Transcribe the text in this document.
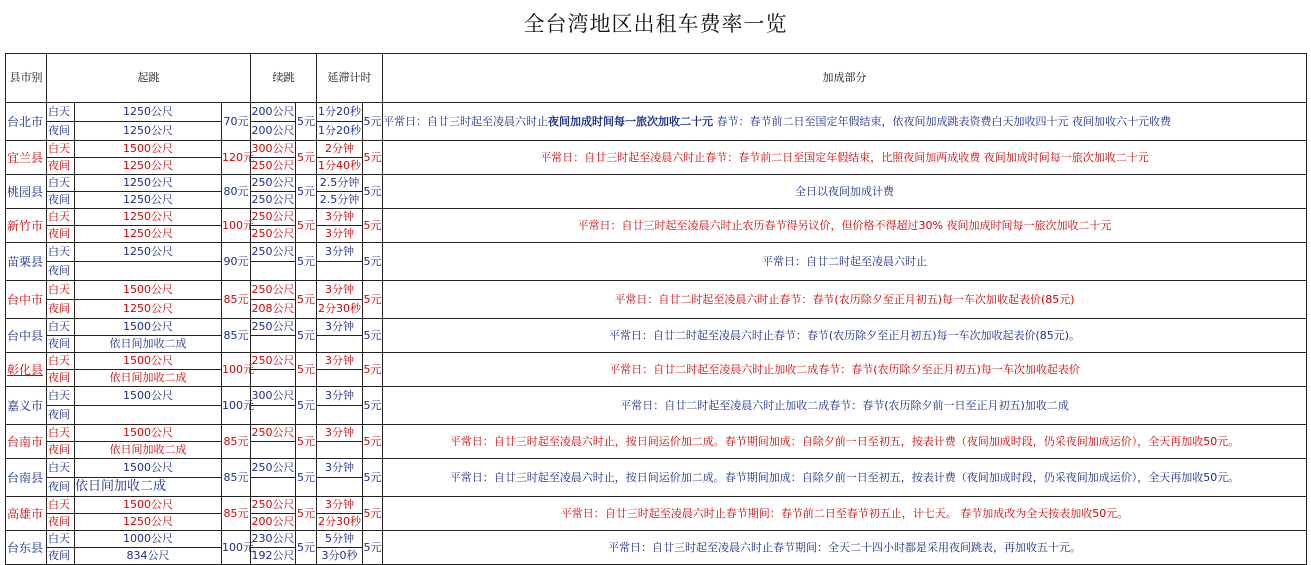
全台湾地区出租车费率一览
县市别	起跳			续跳		延滞计时		加成部分
台北市	白天	1250公尺	70元	200公尺	5元	1分20秒	5元	平常日：自廿三时起至凌晨六时止夜间加成时间每一旅次加收二十元 春节：春节前二日至国定年假结束，依夜间加成跳表资费白天加收四十元 夜间加收六十元收费
	夜间	1250公尺		200公尺		1分20秒		
宜兰县	白天	1500公尺	120元	300公尺	5元	2分钟	5元	平常日：自廿三时起至凌晨六时止春节：春节前二日至国定年假结束，比照夜间加两成收费 夜间加成时间每一旅次加收二十元
	夜间	1250公尺		250公尺		1分40秒		
桃园县	白天	1250公尺	80元	250公尺	5元	2.5分钟	5元	全日以夜间加成计费
	夜间	1250公尺		250公尺		2.5分钟		
新竹市	白天	1250公尺	100元	250公尺	5元	3分钟	5元	平常日：自廿三时起至凌晨六时止农历春节得另议价，但价格不得超过30% 夜间加成时间每一旅次加收二十元
	夜间	1250公尺		250公尺		3分钟		
苗栗县	白天	1250公尺	90元	250公尺	5元	3分钟	5元	平常日：自廿二时起至凌晨六时止
	夜间							
台中市	白天	1500公尺	85元	250公尺	5元	3分钟	5元	平常日：自廿二时起至凌晨六时止春节：春节(农历除夕至正月初五)每一车次加收起表价(85元)
	夜间	1250公尺		208公尺		2分30秒		
台中县	白天	1500公尺	85元	250公尺	5元	3分钟	5元	平常日：自廿二时起至凌晨六时止春节：春节(农历除夕至正月初五)每一车次加收起表价(85元)。
	夜间	依日间加收二成						
彰化县	白天	1500公尺	100元	250公尺	5元	3分钟	5元	平常日：自廿二时起至凌晨六时止加收二成春节：春节(农历除夕至正月初五)每一车次加收起表价
	夜间	依日间加收二成						
嘉义市	白天	1500公尺	100元	300公尺	5元	3分钟	5元	平常日：自廿二时起至凌晨六时止加收二成春节：春节(农历除夕前一日至正月初五)加收二成
	夜间							
台南市	白天	1500公尺	85元	250公尺	5元	3分钟	5元	平常日：自廿三时起至凌晨六时止，按日间运价加二成。春节期间加成：自除夕前一日至初五，按表计费（夜间加成时段，仍采夜间加成运价），全天再加收50元。
	夜间	依日间加收二成						
台南县	白天	1500公尺	85元	250公尺	5元	3分钟	5元	平常日：自廿三时起至凌晨六时止，按日间运价加二成。春节期间加成：自除夕前一日至初五，按表计费（夜间加成时段，仍采夜间加成运价），全天再加收50元。
	夜间	依日间加收二成						
高雄市	白天	1500公尺	85元	250公尺	5元	3分钟	5元	平常日：自廿三时起至凌晨六时止春节期间：春节前二日至春节初五止，计七天。 春节加成改为全天按表加收50元。
	夜间	1250公尺		200公尺		2分30秒		
台东县	白天	1000公尺	100元	230公尺	5元	5分钟	5元	平常日：自廿三时起至凌晨六时止春节期间：全天二十四小时都是采用夜间跳表，再加收五十元。
	夜间	834公尺		192公尺		3分0秒		
